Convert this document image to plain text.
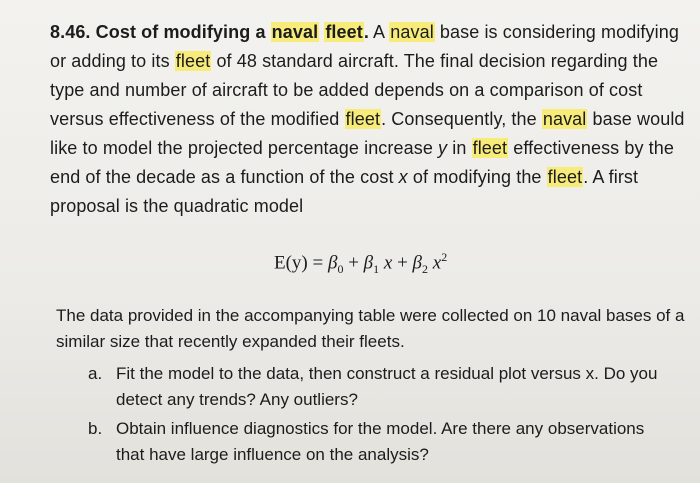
8.46. Cost of modifying a naval fleet. A naval base is considering modifying or adding to its fleet of 48 standard aircraft. The final decision regarding the type and number of aircraft to be added depends on a comparison of cost versus effectiveness of the modified fleet. Consequently, the naval base would like to model the projected percentage increase y in fleet effectiveness by the end of the decade as a function of the cost x of modifying the fleet. A first proposal is the quadratic model
$E(y) = \beta_0 + \beta_1$ $x + \beta_2$ $x^2$
The data provided in the accompanying table were collected on 10 naval bases of a similar size that recently expanded their fleets.
a. Fit the model to the data, then construct a residual plot versus x. Do you detect any trends? Any outliers?
b. Obtain influence diagnostics for the model. Are there any observations that have large influence on the analysis?
